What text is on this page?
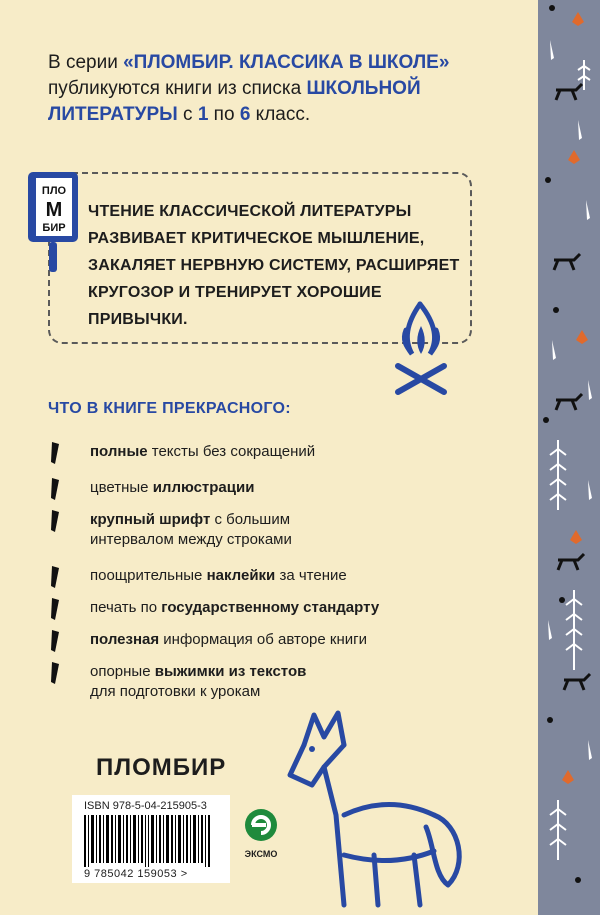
В серии «ПЛОМБИР. КЛАССИКА В ШКОЛЕ» публикуются книги из списка ШКОЛЬНОЙ ЛИТЕРАТУРЫ с 1 по 6 класс.

ЧТЕНИЕ КЛАССИЧЕСКОЙ ЛИТЕРАТУРЫ РАЗВИВАЕТ КРИТИЧЕСКОЕ МЫШЛЕНИЕ, ЗАКАЛЯЕТ НЕРВНУЮ СИСТЕМУ, РАСШИРЯЕТ КРУГОЗОР И ТРЕНИРУЕТ ХОРОШИЕ ПРИВЫЧКИ.
ПЛО
М
БИР
ЧТО В КНИГЕ ПРЕКРАСНОГО:
полные тексты без сокращений
цветные иллюстрации
крупный шрифт с большим интервалом между строками
поощрительные наклейки за чтение
печать по государственному стандарту
полезная информация об авторе книги
опорные выжимки из текстов для подготовки к урокам
ПЛОМБИР
ISBN 978-5-04-215905-3
9 785042 159053 >
ЭКСМО
